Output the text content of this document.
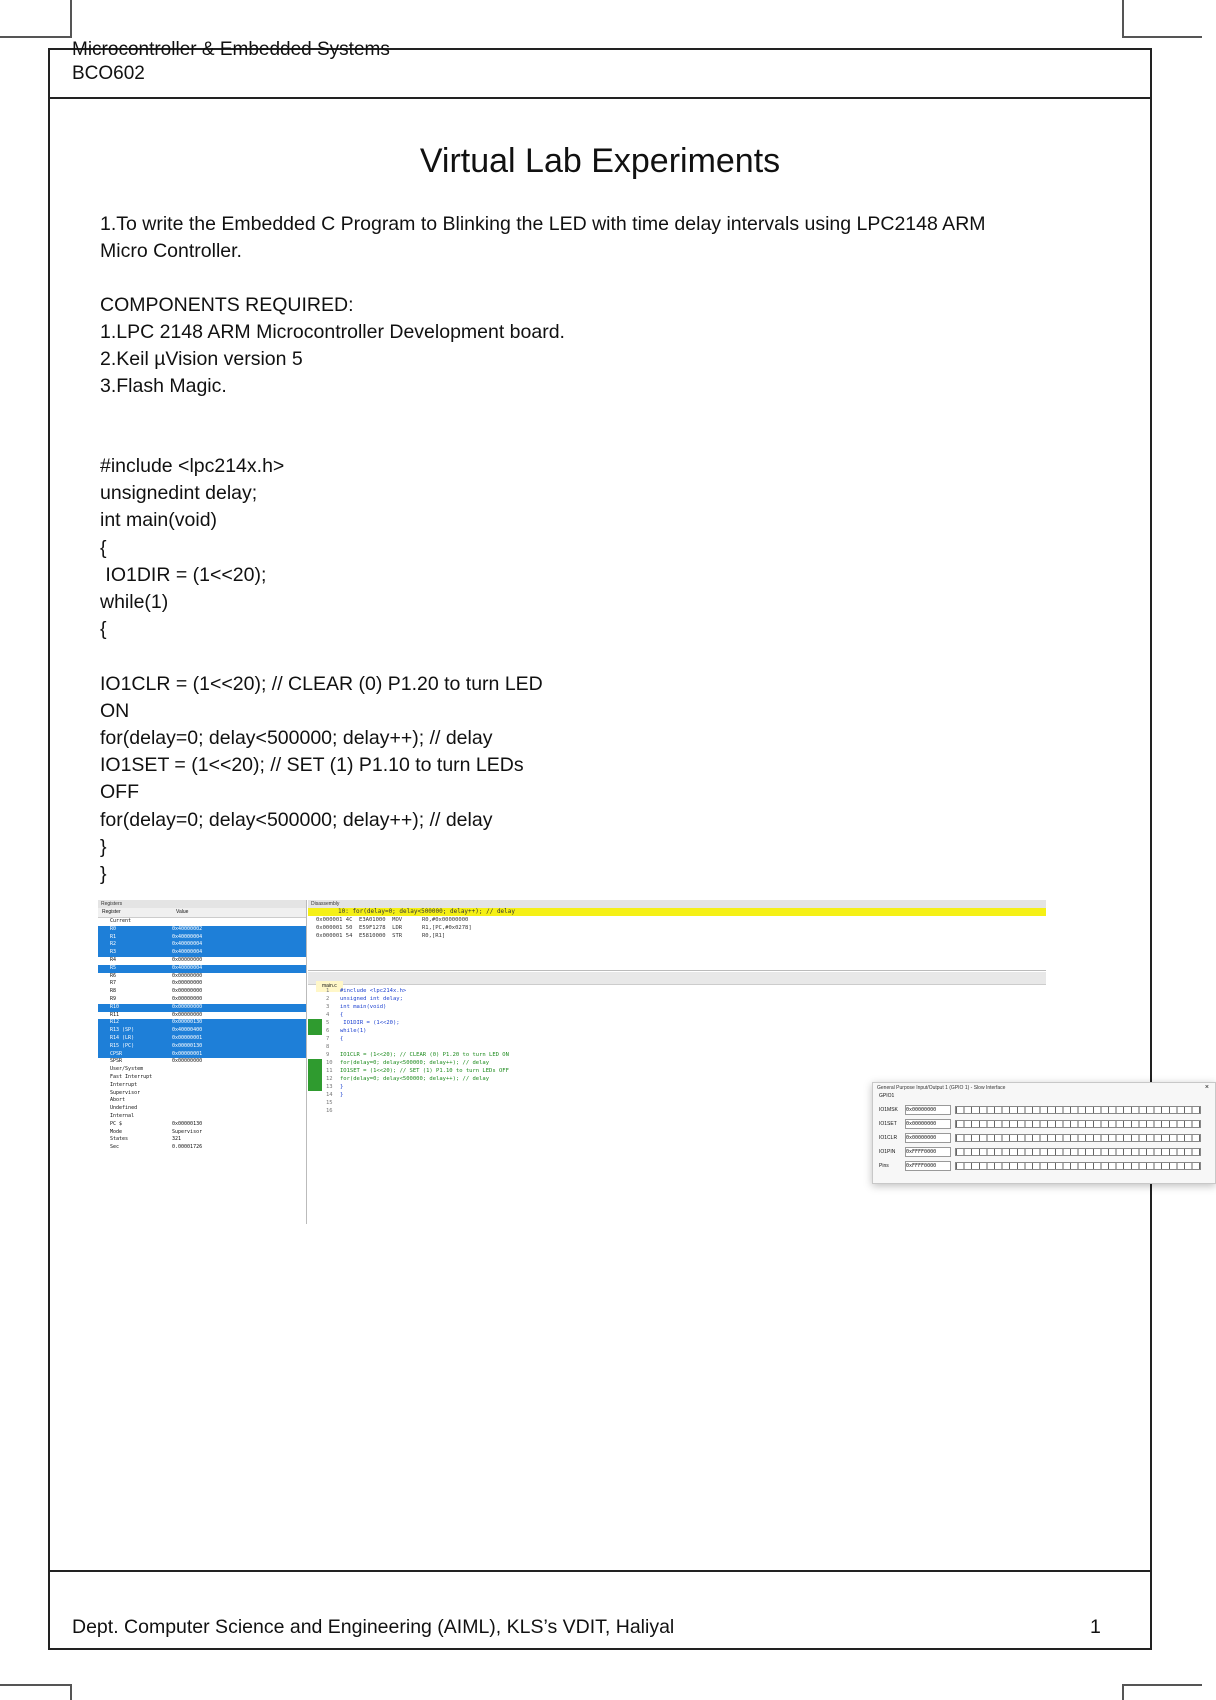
Microcontroller & Embedded Systems
BCO602
Virtual Lab Experiments

1.To write the Embedded C Program to Blinking the LED with time delay intervals using LPC2148 ARM

Micro Controller.

COMPONENTS REQUIRED:

1.LPC 2148 ARM Microcontroller Development board.

2.Keil µVision version 5

3.Flash Magic.

#include <lpc214x.h>
unsignedint delay;
int main(void)
{
IO1DIR = (1<<20);
while(1)
{
IO1CLR = (1<<20); // CLEAR (0) P1.20 to turn LED
ON
for(delay=0; delay<500000; delay++); // delay
IO1SET = (1<<20); // SET (1) P1.10 to turn LEDs
OFF
for(delay=0; delay<500000; delay++); // delay
}
}
Registers
Register	Value
Current
R0	0x40000002
R1	0x40000004
R2	0x40000004
R3	0x40000004
R4	0x00000000
R5	0x40000004
R6	0x00000000
R7	0x00000000
R8	0x00000000
R9	0x00000000
R10	0x00000000
R11	0x00000000
R12	0x00000130
R13 (SP)	0x40000400
R14 (LR)	0x00000001
R15 (PC)	0x00000130
CPSR	0x00000001
SPSR	0x00000000
User/System
Fast Interrupt
Interrupt
Supervisor
Abort
Undefined
Internal
PC $	0x00000130
Mode	Supervisor
States	321
Sec	0.00001726
Disassembly
10: for(delay=0; delay<500000; delay++); // delay
0x000001 4C  E3A01000  MOV      R0,#0x00000000
0x000001 50  E59F1278  LDR      R1,[PC,#0x0278]
0x000001 54  E5810000  STR      R0,[R1]
main.c
1 #include <lpc214x.h>
2 unsigned int delay;
3 int main(void)
4 {
5 IO1DIR = (1<<20);
6 while(1)
7 {
8
9 IO1CLR = (1<<20); // CLEAR (0) P1.20 to turn LED ON
10 for(delay=0; delay<500000; delay++); // delay
11 IO1SET = (1<<20); // SET (1) P1.10 to turn LEDs OFF
12 for(delay=0; delay<500000; delay++); // delay
13 }
14 }
15
16
General Purpose Input/Output 1 (GPIO 1) - Slow Interface	×
GPIO1
IO1MSK 0x00000000
IO1SET 0x00000000
IO1CLR 0x00000000
IO1PIN 0xFFFF0000
Pins	0xFFFF0000
Dept. Computer Science and Engineering (AIML), KLS’s VDIT, Haliyal	1
